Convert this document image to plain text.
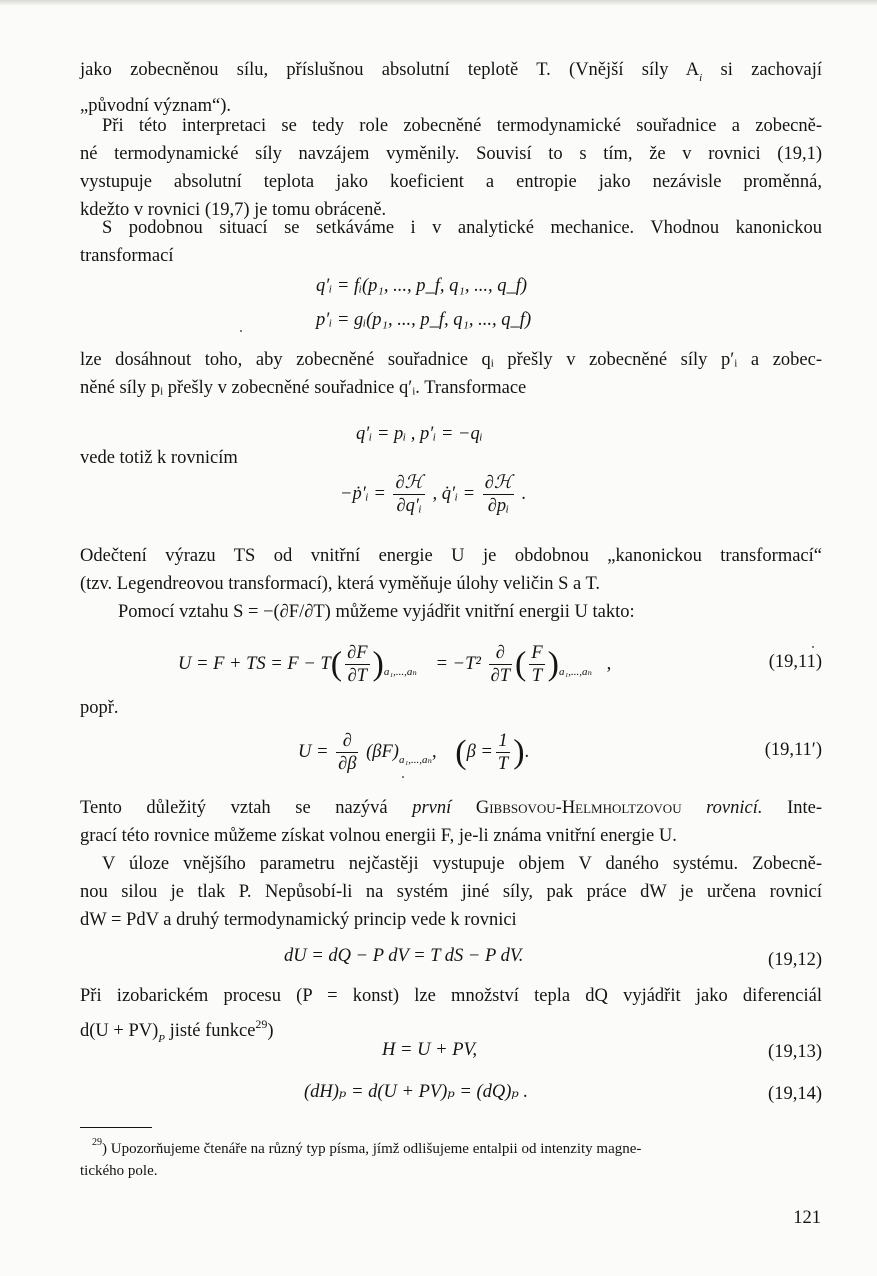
jako zobecněnou sílu, příslušnou absolutní teplotě T. (Vnější síly $A_i$ si zachovají
„původní význam“).
Při této interpretaci se tedy role zobecněné termodynamické souřadnice a zobecně-
né termodynamické síly navzájem vyměnily. Souvisí to s tím, že v rovnici (19,1)
vystupuje absolutní teplota jako koeficient a entropie jako nezávisle proměnná,
kdežto v rovnici (19,7) je tomu obráceně.
S podobnou situací se setkáváme i v analytické mechanice. Vhodnou kanonickou
transformací
q′ᵢ = fᵢ(p₁, ..., p_f, q₁, ..., q_f)
p′ᵢ = gᵢ(p₁, ..., p_f, q₁, ..., q_f)
lze dosáhnout toho, aby zobecněné souřadnice qᵢ přešly v zobecněné síly p′ᵢ a zobec-
něné síly pᵢ přešly v zobecněné souřadnice q′ᵢ. Transformace
q′ᵢ = pᵢ , p′ᵢ = −qᵢ
vede totiž k rovnicím
−ṗ′ᵢ = $\frac{\text{∂ℋ}}{\text{∂q′ᵢ}}$ , q̇′ᵢ = $\frac{\text{∂ℋ}}{\text{∂pᵢ}}$ .
Odečtení výrazu TS od vnitřní energie U je obdobnou „kanonickou transformací“
(tzv. Legendreovou transformací), která vyměňuje úlohy veličin S a T.
Pomocí vztahu S = −(∂F/∂T) můžeme vyjádřit vnitřní energii U takto:
U = F + TS = $F - T( \frac{\partial F}{\partial T} )_{a_1,...,a_n} = -T^2 \frac{\partial}{\partial T}$ ( $\frac{F}{T} )_{a_1,...,a_n}$ ,	(19,11)
popř.
$U = \frac{\partial}{\partial\beta} (\beta F)_{a_1,...,a_n}$, ($\beta = \frac{1}{T}$ ).	(19,11′)
Tento důležitý vztah se nazývá první Gibbsovou-Helmholtzovou rovnicí. Inte-
grací této rovnice můžeme získat volnou energii F, je-li známa vnitřní energie U.
V úloze vnějšího parametru nejčastěji vystupuje objem V daného systému. Zobecně-
nou silou je tlak P. Nepůsobí-li na systém jiné síly, pak práce dW je určena rovnicí
dW = PdV a druhý termodynamický princip vede k rovnici
dU = dQ − P dV = T dS − P dV.	(19,12)
Při izobarickém procesu (P = konst) lze množství tepla dQ vyjádřit jako diferenciál
$d(U + PV)_P$ jisté funkce$^{29}$)
H = U + PV,	(19,13)
(dH)ₚ = d(U + PV)ₚ = (dQ)ₚ .	(19,14)
$^{29}$) Upozorňujeme čtenáře na různý typ písma, jímž odlišujeme entalpii od intenzity magne-
tického pole.
121
